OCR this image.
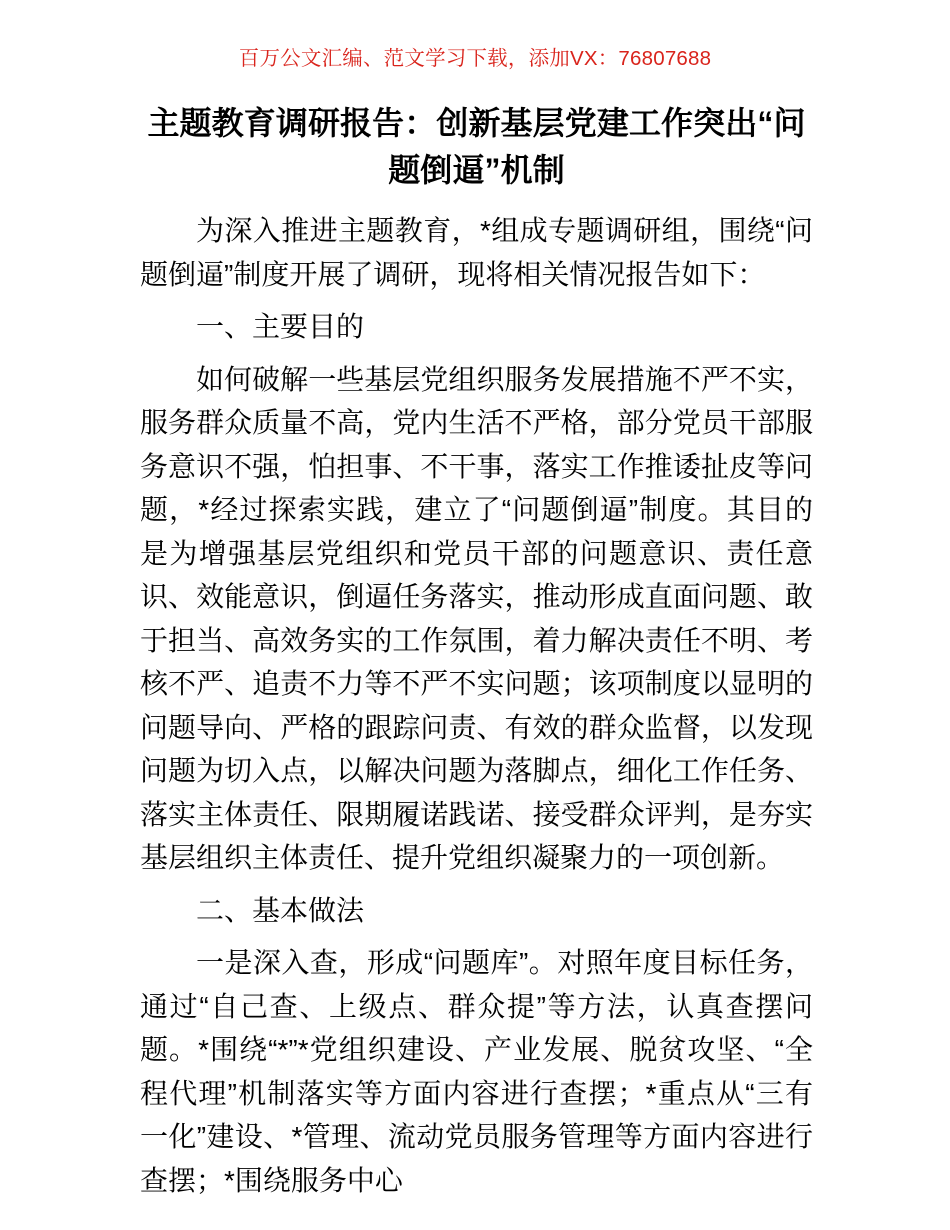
百万公文汇编、范文学习下载，添加VX：76807688
主题教育调研报告：创新基层党建工作突出“问题倒逼”机制

为深入推进主题教育，*组成专题调研组，围绕“问题倒逼”制度开展了调研，现将相关情况报告如下：

一、主要目的

如何破解一些基层党组织服务发展措施不严不实，服务群众质量不高，党内生活不严格，部分党员干部服务意识不强，怕担事、不干事，落实工作推诿扯皮等问题，*经过探索实践，建立了“问题倒逼”制度。其目的是为增强基层党组织和党员干部的问题意识、责任意识、效能意识，倒逼任务落实，推动形成直面问题、敢于担当、高效务实的工作氛围，着力解决责任不明、考核不严、追责不力等不严不实问题；该项制度以显明的问题导向、严格的跟踪问责、有效的群众监督，以发现问题为切入点，以解决问题为落脚点，细化工作任务、落实主体责任、限期履诺践诺、接受群众评判，是夯实基层组织主体责任、提升党组织凝聚力的一项创新。

二、基本做法

一是深入查，形成“问题库”。对照年度目标任务，通过“自己查、上级点、群众提”等方法，认真查摆问题。*围绕“*”*党组织建设、产业发展、脱贫攻坚、“全程代理”机制落实等方面内容进行查摆；*重点从“三有一化”建设、*管理、流动党员服务管理等方面内容进行查摆；*围绕服务中心
